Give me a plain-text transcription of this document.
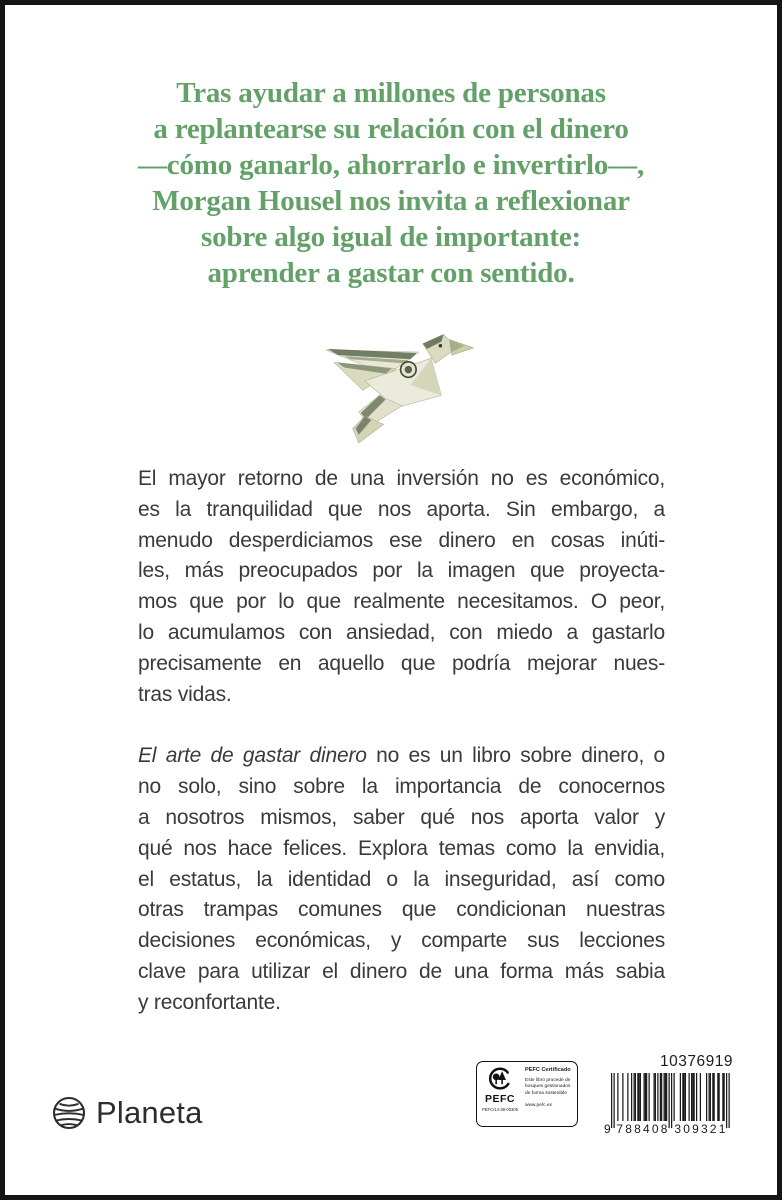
Tras ayudar a millones de personas
a replantearse su relación con el dinero
—cómo ganarlo, ahorrarlo e invertirlo—,
Morgan Housel nos invita a reflexionar
sobre algo igual de importante:
aprender a gastar con sentido.
El mayor retorno de una inversión no es económico,
es la tranquilidad que nos aporta. Sin embargo, a
menudo desperdiciamos ese dinero en cosas inúti-
les, más preocupados por la imagen que proyecta-
mos que por lo que realmente necesitamos. O peor,
lo acumulamos con ansiedad, con miedo a gastarlo
precisamente en aquello que podría mejorar nues-
tras vidas.
El arte de gastar dinero no es un libro sobre dinero, o
no solo, sino sobre la importancia de conocernos
a nosotros mismos, saber qué nos aporta valor y
qué nos hace felices. Explora temas como la envidia,
el estatus, la identidad o la inseguridad, así como
otras trampas comunes que condicionan nuestras
decisiones económicas, y comparte sus lecciones
clave para utilizar el dinero de una forma más sabia
y reconfortante.
Planeta	PEFC
PEFC/14-38-00305
PEFC Certificado
Este libro procede de
bosques gestionados
de forma sostenible
www.pefc.es
10376919
9 788408 309321
